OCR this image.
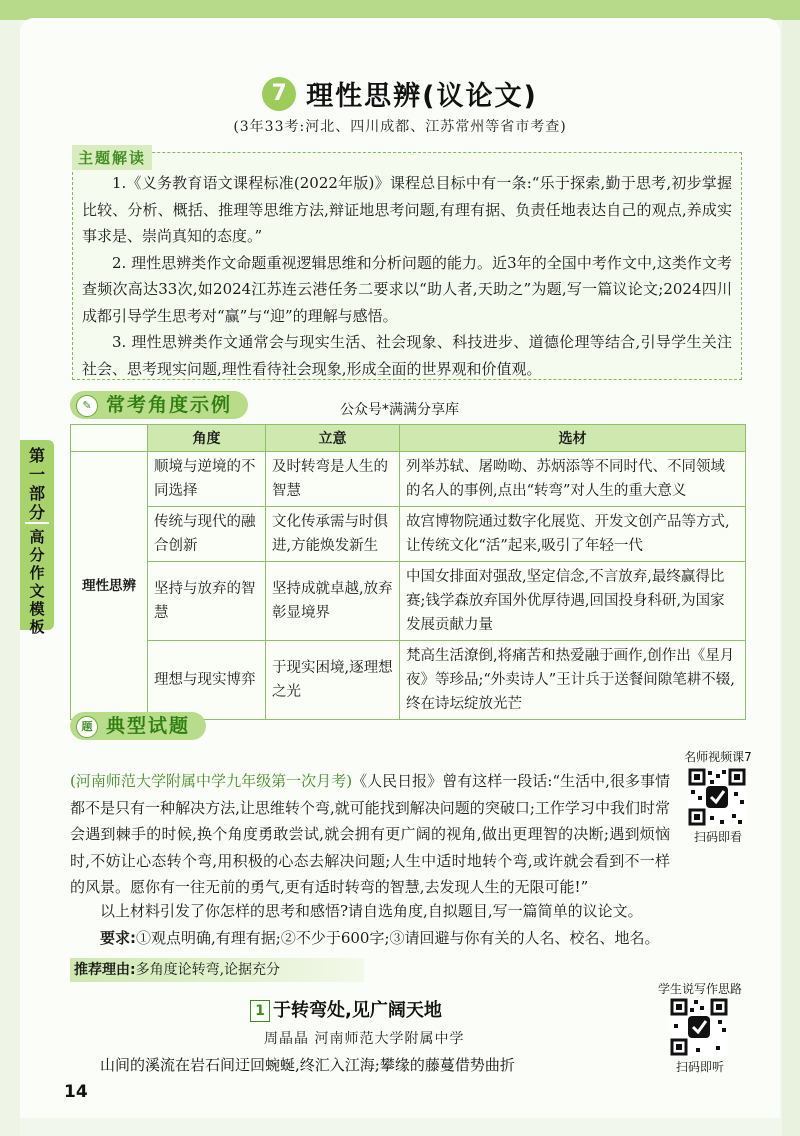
7 理性思辨(议论文)
(3年33考:河北、四川成都、江苏常州等省市考查)
主题解读

1.《义务教育语文课程标准(2022年版)》课程总目标中有一条:“乐于探索,勤于思考,初步掌握比较、分析、概括、推理等思维方法,辩证地思考问题,有理有据、负责任地表达自己的观点,养成实事求是、崇尚真知的态度。”

2. 理性思辨类作文命题重视逻辑思维和分析问题的能力。近3年的全国中考作文中,这类作文考查频次高达33次,如2024江苏连云港任务二要求以“助人者,天助之”为题,写一篇议论文;2024四川成都引导学生思考对“赢”与“迎”的理解与感悟。

3. 理性思辨类作文通常会与现实生活、社会现象、科技进步、道德伦理等结合,引导学生关注社会、思考现实问题,理性看待社会现象,形成全面的世界观和价值观。

✎ 常考角度示例	公众号*满满分享库
第一部分
高分作文模板
	角度	立意	选材
理性思辨	顺境与逆境的不同选择	及时转弯是人生的智慧	列举苏轼、屠呦呦、苏炳添等不同时代、不同领域的名人的事例,点出“转弯”对人生的重大意义
	传统与现代的融合创新	文化传承需与时俱进,方能焕发新生	故宫博物院通过数字化展览、开发文创产品等方式,让传统文化“活”起来,吸引了年轻一代
	坚持与放弃的智慧	坚持成就卓越,放弃彰显境界	中国女排面对强敌,坚定信念,不言放弃,最终赢得比赛;钱学森放弃国外优厚待遇,回国投身科研,为国家发展贡献力量
	理想与现实博弈	于现实困境,逐理想之光	梵高生活潦倒,将痛苦和热爱融于画作,创作出《星月夜》等珍品;“外卖诗人”王计兵于送餐间隙笔耕不辍,终在诗坛绽放光芒
题 典型试题
(河南师范大学附属中学九年级第一次月考)《人民日报》曾有这样一段话:“生活中,很多事情都不是只有一种解决方法,让思维转个弯,就可能找到解决问题的突破口;工作学习中我们时常会遇到棘手的时候,换个角度勇敢尝试,就会拥有更广阔的视角,做出更理智的决断;遇到烦恼时,不妨让心态转个弯,用积极的心态去解决问题;人生中适时地转个弯,或许就会看到不一样的风景。愿你有一往无前的勇气,更有适时转弯的智慧,去发现人生的无限可能!”

以上材料引发了你怎样的思考和感悟?请自选角度,自拟题目,写一篇简单的议论文。

要求:①观点明确,有理有据;②不少于600字;③请回避与你有关的人名、校名、地名。

名师视频课7
扫码即看
推荐理由:多角度论转弯,论据充分
学生说写作思路
扫码即听
1 于转弯处,见广阔天地
周晶晶 河南师范大学附属中学
山间的溪流在岩石间迂回蜿蜒,终汇入江海;攀缘的藤蔓借势曲折
14
